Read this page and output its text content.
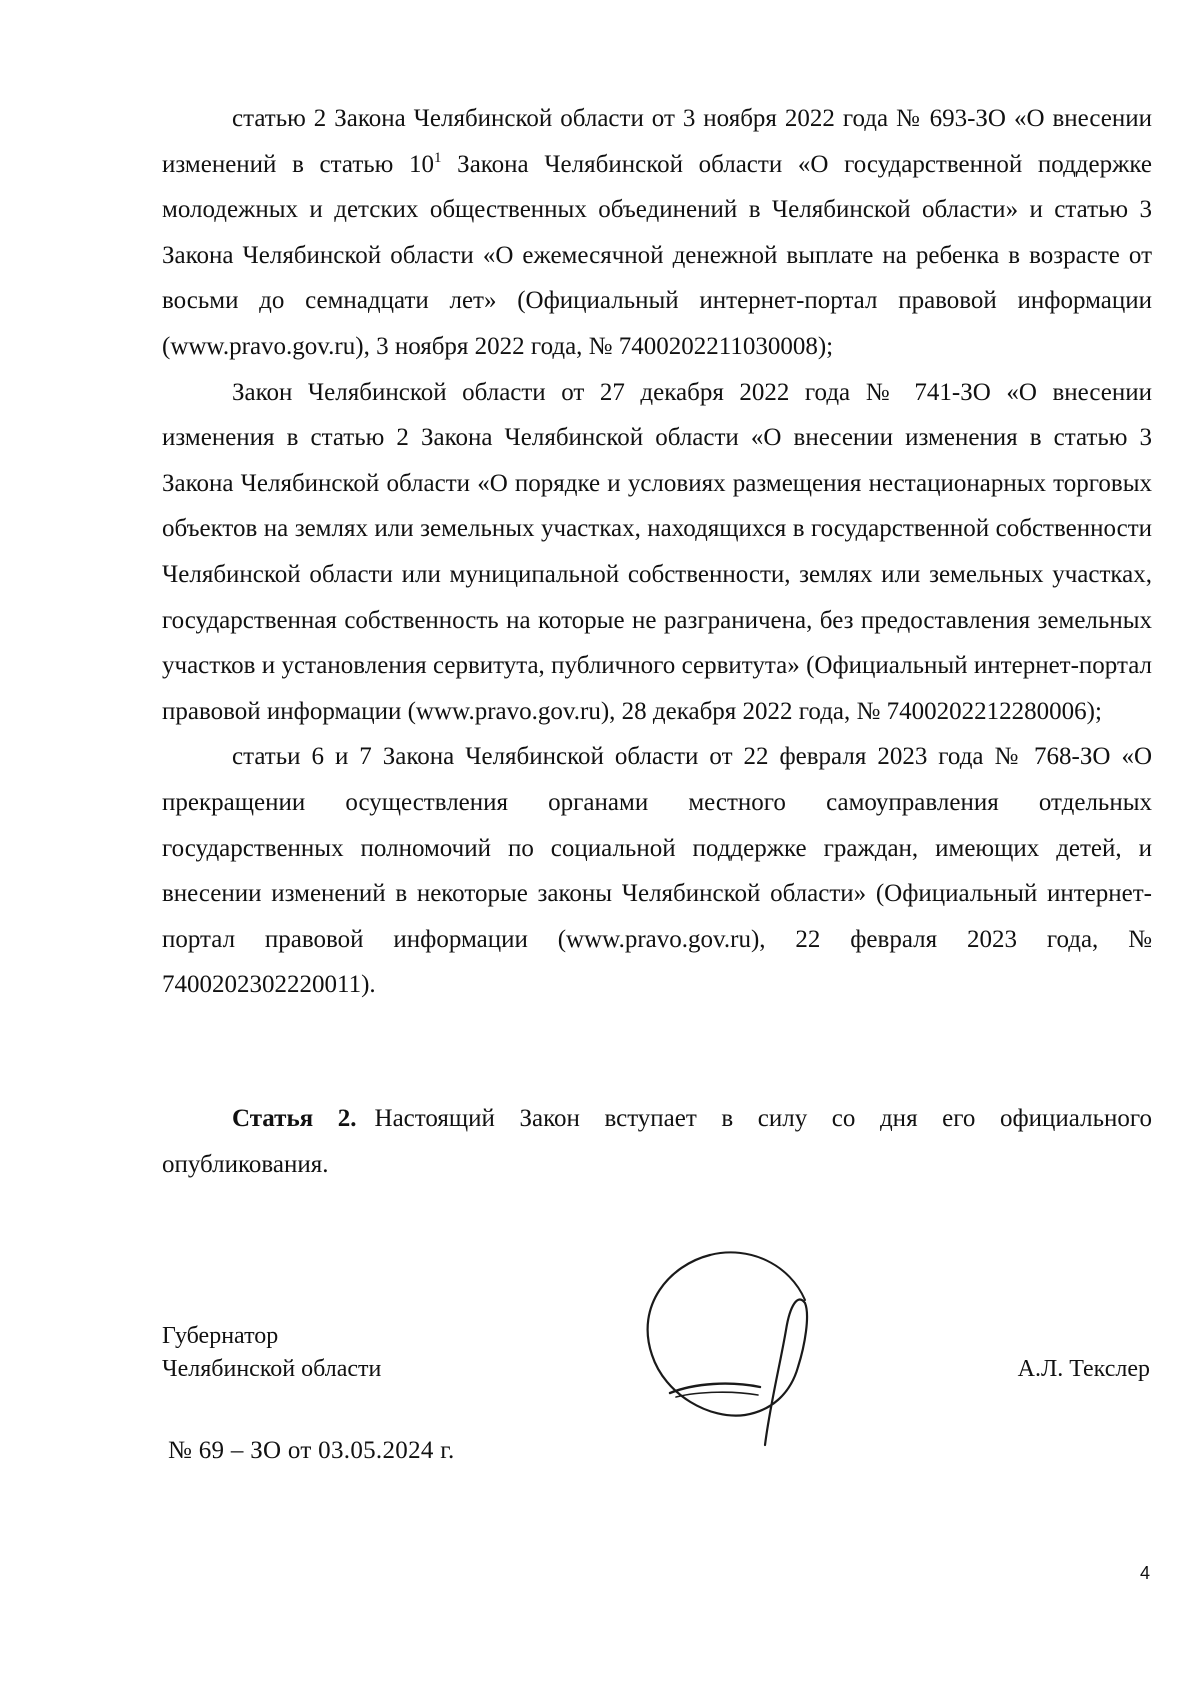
статью 2 Закона Челябинской области от 3 ноября 2022 года № 693-ЗО «О внесении изменений в статью $10^1$ Закона Челябинской области «О государственной поддержке молодежных и детских общественных объединений в Челябинской области» и статью 3 Закона Челябинской области «О ежемесячной денежной выплате на ребенка в возрасте от восьми до семнадцати лет» (Официальный интернет-портал правовой информации (www.pravo.gov.ru), 3 ноября 2022 года, № 7400202211030008);

Закон Челябинской области от 27 декабря 2022 года № 741-ЗО «О внесении изменения в статью 2 Закона Челябинской области «О внесении изменения в статью 3 Закона Челябинской области «О порядке и условиях размещения нестационарных торговых объектов на землях или земельных участках, находящихся в государственной собственности Челябинской области или муниципальной собственности, землях или земельных участках, государственная собственность на которые не разграничена, без предоставления земельных участков и установления сервитута, публичного сервитута» (Официальный интернет-портал правовой информации (www.pravo.gov.ru), 28 декабря 2022 года, № 7400202212280006);

статьи 6 и 7 Закона Челябинской области от 22 февраля 2023 года № 768-ЗО «О прекращении осуществления органами местного самоуправления отдельных государственных полномочий по социальной поддержке граждан, имеющих детей, и внесении изменений в некоторые законы Челябинской области» (Официальный интернет-портал правовой информации (www.pravo.gov.ru), 22 февраля 2023 года, № 7400202302220011).

Статья 2. Настоящий Закон вступает в силу со дня его официального опубликования.

Губернатор
Челябинской области	А.Л. Текслер
№ 69 – ЗО от 03.05.2024 г.
4
